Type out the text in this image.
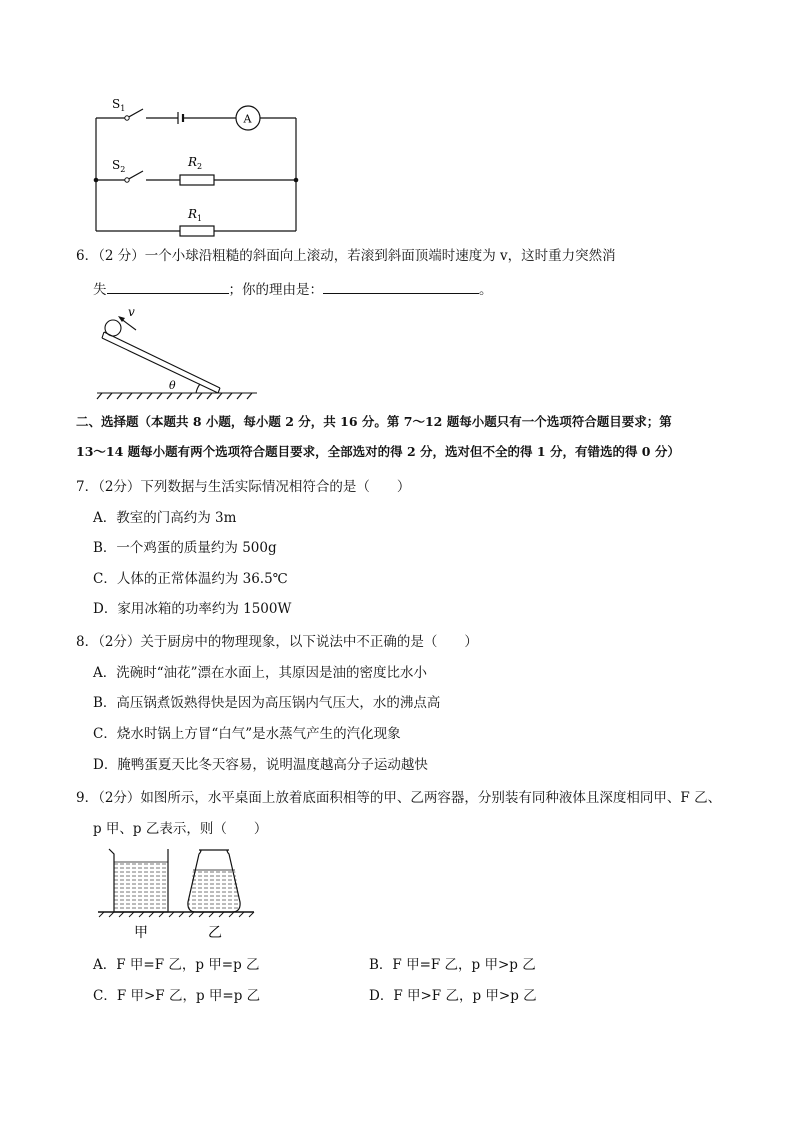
$S_1$
$S_2$
$R_2$
$R_1$
A
6．（2 分）一个小球沿粗糙的斜面向上滚动，若滚到斜面顶端时速度为 v，这时重力突然消
失	；你的理由是：	。
v
θ
二、选择题（本题共 8 小题，每小题 2 分，共 16 分。第 7～12 题每小题只有一个选项符合题目要求；第
13～14 题每小题有两个选项符合题目要求，全部选对的得 2 分，选对但不全的得 1 分，有错选的得 0 分）
7．（2分）下列数据与生活实际情况相符合的是（　　）
A．教室的门高约为 3m
B．一个鸡蛋的质量约为 500g
C．人体的正常体温约为 36.5℃
D．家用冰箱的功率约为 1500W
8．（2分）关于厨房中的物理现象，以下说法中不正确的是（　　）
A．洗碗时“油花”漂在水面上，其原因是油的密度比水小
B．高压锅煮饭熟得快是因为高压锅内气压大，水的沸点高
C．烧水时锅上方冒“白气”是水蒸气产生的汽化现象
D．腌鸭蛋夏天比冬天容易，说明温度越高分子运动越快
9．（2分）如图所示，水平桌面上放着底面积相等的甲、乙两容器，分别装有同种液体且深度相同甲、F 乙、
p 甲、p 乙表示，则（　　）
甲	乙
A．F 甲=F 乙，p 甲=p 乙	B．F 甲=F 乙，p 甲>p 乙
C．F 甲>F 乙，p 甲=p 乙	D．F 甲>F 乙，p 甲>p 乙
